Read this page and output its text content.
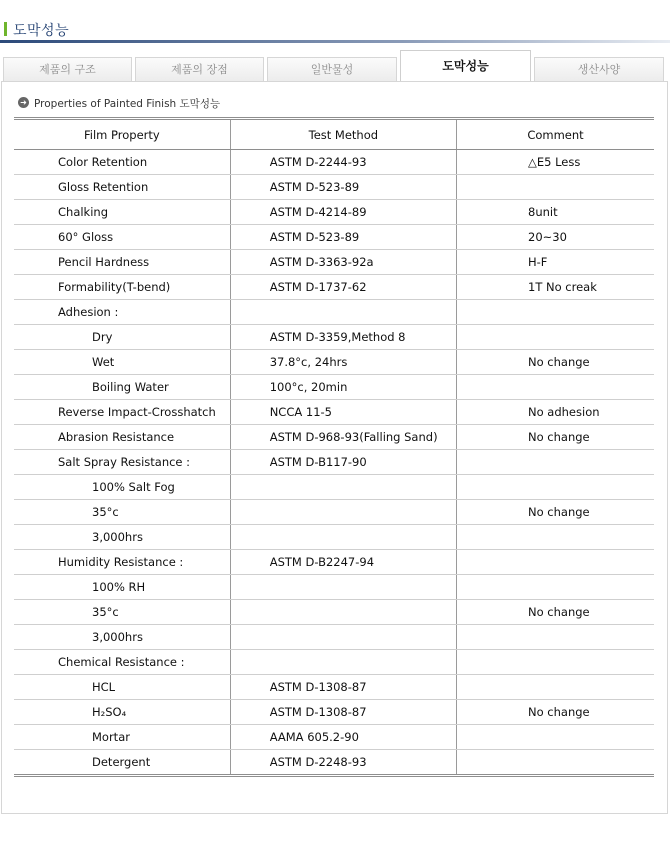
도막성능
제품의 구조	제품의 장점	일반물성	도막성능	생산사양
➜ Properties of Painted Finish 도막성능
Film Property	Test Method	Comment
Color Retention	ASTM D-2244-93	△E5 Less
Gloss Retention	ASTM D-523-89	
Chalking	ASTM D-4214-89	8unit
60° Gloss	ASTM D-523-89	20~30
Pencil Hardness	ASTM D-3363-92a	H-F
Formability(T-bend)	ASTM D-1737-62	1T No creak
Adhesion :		
Dry	ASTM D-3359,Method 8	
Wet	37.8°c, 24hrs	No change
Boiling Water	100°c, 20min	
Reverse Impact-Crosshatch	NCCA 11-5	No adhesion
Abrasion Resistance	ASTM D-968-93(Falling Sand)	No change
Salt Spray Resistance :	ASTM D-B117-90	
100% Salt Fog		
35°c		No change
3,000hrs		
Humidity Resistance :	ASTM D-B2247-94	
100% RH		
35°c		No change
3,000hrs		
Chemical Resistance :		
HCL	ASTM D-1308-87	
H₂SO₄	ASTM D-1308-87	No change
Mortar	AAMA 605.2-90	
Detergent	ASTM D-2248-93	
